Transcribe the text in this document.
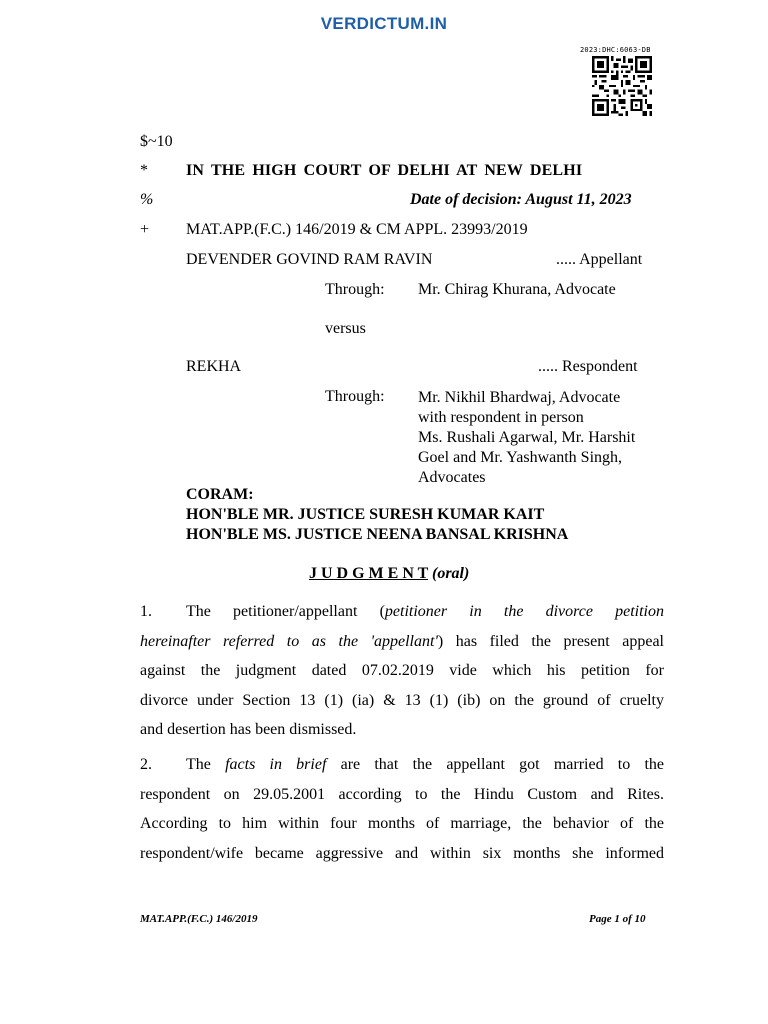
VERDICTUM.IN
2023:DHC:6063-DB
$~10
* IN THE HIGH COURT OF DELHI AT NEW DELHI
%	Date of decision: August 11, 2023
+ MAT.APP.(F.C.) 146/2019 & CM APPL. 23993/2019
DEVENDER GOVIND RAM RAVIN	..... Appellant
Through: Mr. Chirag Khurana, Advocate
versus
REKHA	..... Respondent
Through: Mr. Nikhil Bhardwaj, Advocate
with respondent in person
Ms. Rushali Agarwal, Mr. Harshit
Goel and Mr. Yashwanth Singh,
Advocates
CORAM:
HON'BLE MR. JUSTICE SURESH KUMAR KAIT
HON'BLE MS. JUSTICE NEENA BANSAL KRISHNA
J U D G M E N T (oral)
1. The petitioner/appellant (petitioner in the divorce petition
hereinafter referred to as the 'appellant') has filed the present appeal
against the judgment dated 07.02.2019 vide which his petition for
divorce under Section 13 (1) (ia) & 13 (1) (ib) on the ground of cruelty
and desertion has been dismissed.
2. The facts in brief are that the appellant got married to the
respondent on 29.05.2001 according to the Hindu Custom and Rites.
According to him within four months of marriage, the behavior of the
respondent/wife became aggressive and within six months she informed
MAT.APP.(F.C.) 146/2019	Page 1 of 10
